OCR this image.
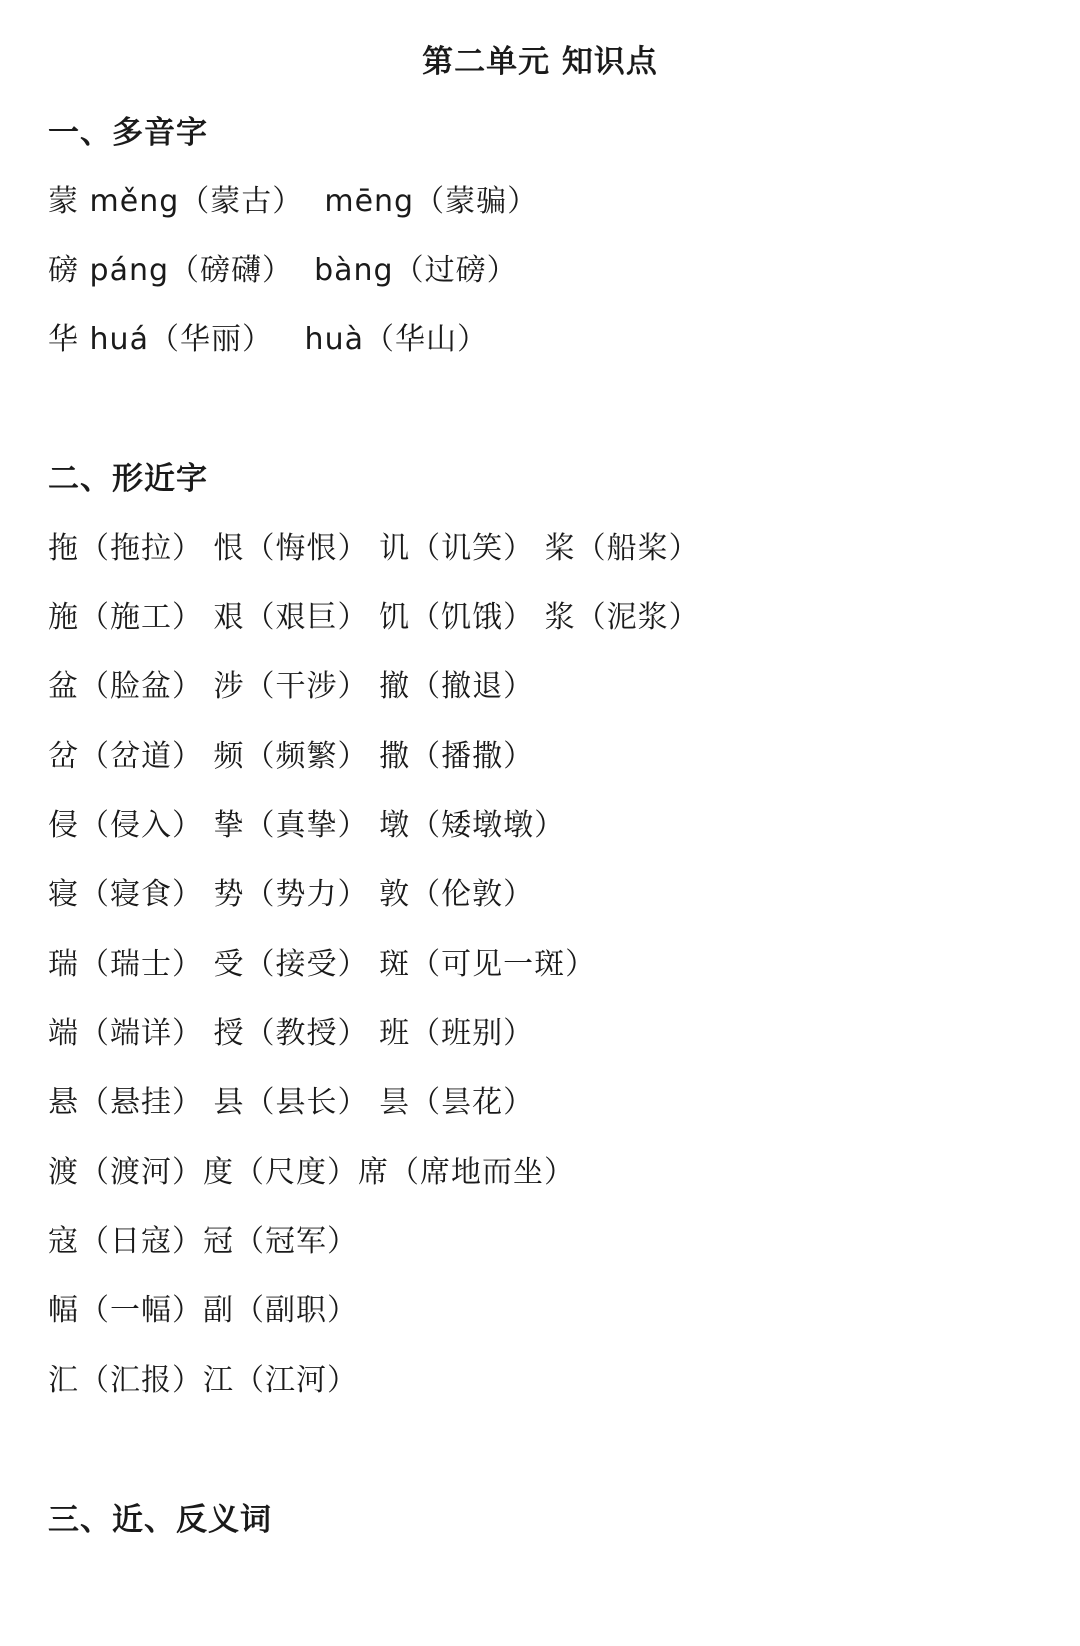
第二单元 知识点
一、多音字
蒙 měng（蒙古）  mēng（蒙骗）
磅 páng（磅礴）  bàng（过磅）
华 huá（华丽）   huà（华山）
二、形近字
拖（拖拉） 恨（悔恨） 讥（讥笑） 桨（船桨）
施（施工） 艰（艰巨） 饥（饥饿） 浆（泥浆）
盆（脸盆） 涉（干涉） 撤（撤退）
岔（岔道） 频（频繁） 撒（播撒）
侵（侵入） 挚（真挚） 墩（矮墩墩）
寝（寝食） 势（势力） 敦（伦敦）
瑞（瑞士） 受（接受） 斑（可见一斑）
端（端详） 授（教授） 班（班别）
悬（悬挂） 县（县长） 昙（昙花）
渡（渡河）度（尺度）席（席地而坐）
寇（日寇）冠（冠军）
幅（一幅）副（副职）
汇（汇报）江（江河）
三、近、反义词
